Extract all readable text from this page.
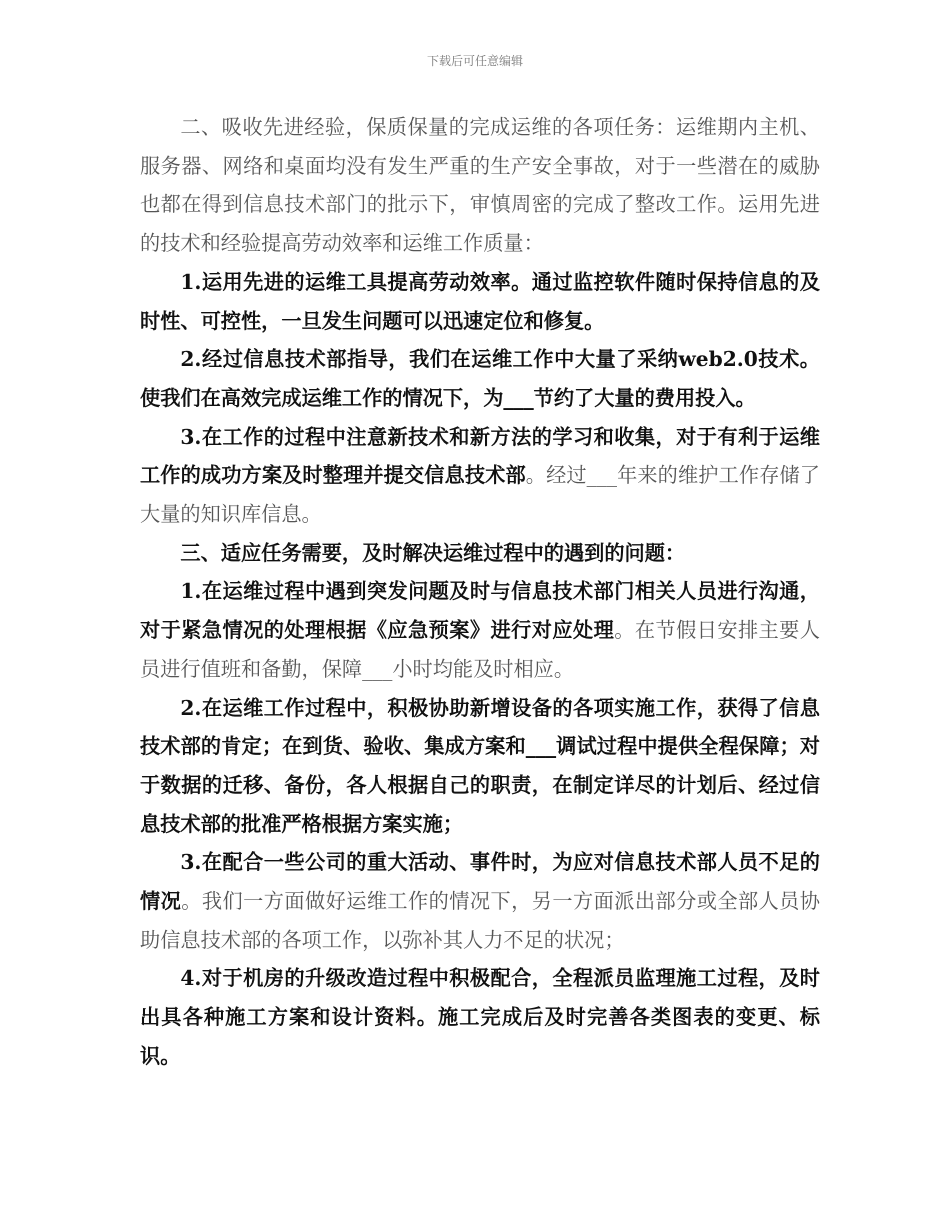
下载后可任意编辑

二、吸收先进经验，保质保量的完成运维的各项任务：运维期内主机、服务器、网络和桌面均没有发生严重的生产安全事故，对于一些潜在的威胁也都在得到信息技术部门的批示下，审慎周密的完成了整改工作。运用先进的技术和经验提高劳动效率和运维工作质量：

1.运用先进的运维工具提高劳动效率。通过监控软件随时保持信息的及时性、可控性，一旦发生问题可以迅速定位和修复。

2.经过信息技术部指导，我们在运维工作中大量了采纳web2.0技术。使我们在高效完成运维工作的情况下，为___节约了大量的费用投入。

3.在工作的过程中注意新技术和新方法的学习和收集，对于有利于运维工作的成功方案及时整理并提交信息技术部。经过___年来的维护工作存储了大量的知识库信息。

三、适应任务需要，及时解决运维过程中的遇到的问题：

1.在运维过程中遇到突发问题及时与信息技术部门相关人员进行沟通，对于紧急情况的处理根据《应急预案》进行对应处理。在节假日安排主要人员进行值班和备勤，保障___小时均能及时相应。

2.在运维工作过程中，积极协助新增设备的各项实施工作，获得了信息技术部的肯定；在到货、验收、集成方案和___调试过程中提供全程保障；对于数据的迁移、备份，各人根据自己的职责，在制定详尽的计划后、经过信息技术部的批准严格根据方案实施；

3.在配合一些公司的重大活动、事件时，为应对信息技术部人员不足的情况。我们一方面做好运维工作的情况下，另一方面派出部分或全部人员协助信息技术部的各项工作，以弥补其人力不足的状况；

4.对于机房的升级改造过程中积极配合，全程派员监理施工过程，及时出具各种施工方案和设计资料。施工完成后及时完善各类图表的变更、标识。
